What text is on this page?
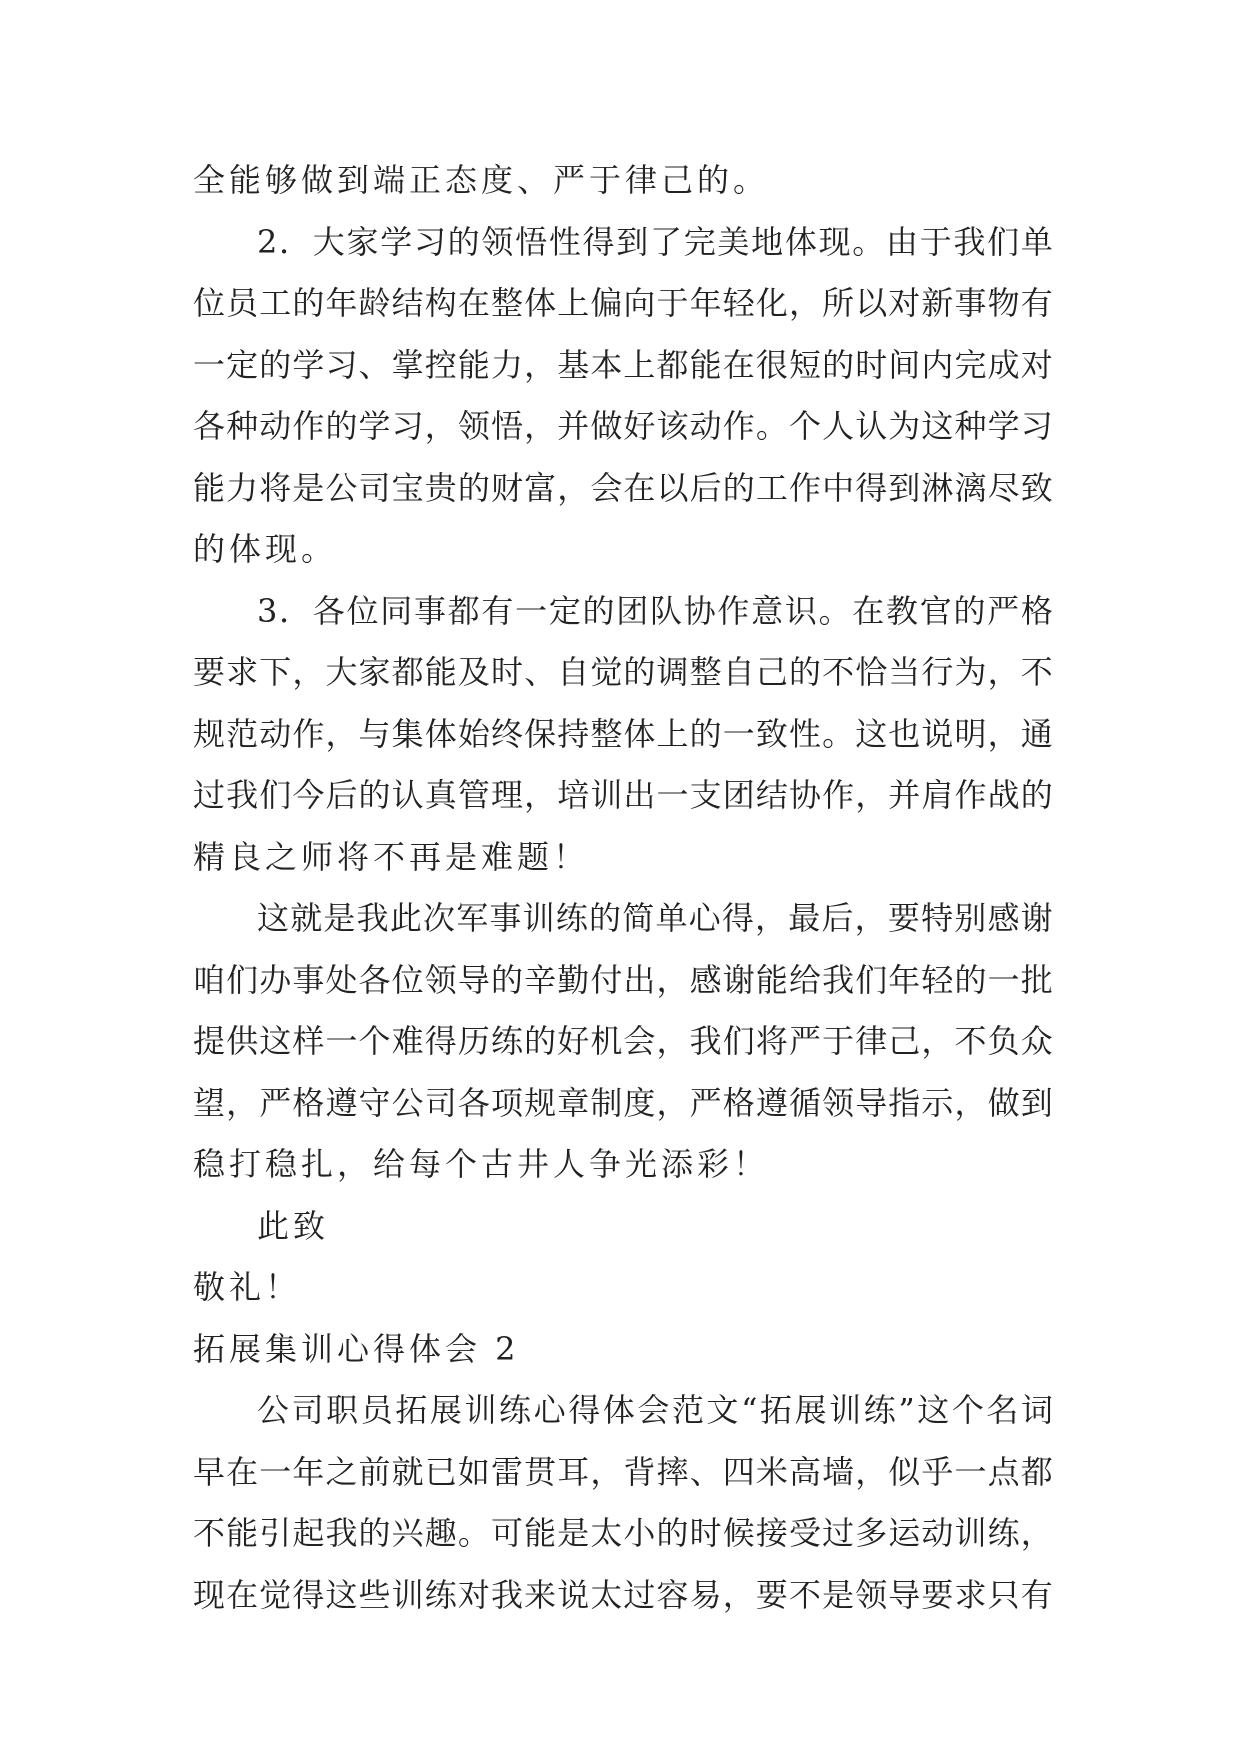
全能够做到端正态度、严于律己的。
2 ． 大 家 学 习 的 领 悟 性 得 到 了 完 美 地 体 现 。 由 于 我 们 单
位 员 工 的 年 龄 结 构 在 整 体 上 偏 向 于 年 轻 化 ， 所 以 对 新 事 物 有
一 定 的 学 习 、 掌 控 能 力 ， 基 本 上 都 能 在 很 短 的 时 间 内 完 成 对
各 种 动 作 的 学 习 ， 领 悟 ， 并 做 好 该 动 作 。 个 人 认 为 这 种 学 习
能 力 将 是 公 司 宝 贵 的 财 富 ， 会 在 以 后 的 工 作 中 得 到 淋 漓 尽 致
的体现。
3 ． 各 位 同 事 都 有 一 定 的 团 队 协 作 意 识 。 在 教 官 的 严 格
要 求 下 ， 大 家 都 能 及 时 、 自 觉 的 调 整 自 己 的 不 恰 当 行 为 ， 不
规 范 动 作 ， 与 集 体 始 终 保 持 整 体 上 的 一 致 性 。 这 也 说 明 ， 通
过 我 们 今 后 的 认 真 管 理 ， 培 训 出 一 支 团 结 协 作 ， 并 肩 作 战 的
精良之师将不再是难题！
这 就 是 我 此 次 军 事 训 练 的 简 单 心 得 ， 最 后 ， 要 特 别 感 谢
咱 们 办 事 处 各 位 领 导 的 辛 勤 付 出 ， 感 谢 能 给 我 们 年 轻 的 一 批
提 供 这 样 一 个 难 得 历 练 的 好 机 会 ， 我 们 将 严 于 律 己 ， 不 负 众
望 ， 严 格 遵 守 公 司 各 项 规 章 制 度 ， 严 格 遵 循 领 导 指 示 ， 做 到
稳打稳扎，给每个古井人争光添彩！
此致
敬礼！
拓展集训心得体会 2
公 司 职 员 拓 展 训 练 心 得 体 会 范 文 “ 拓 展 训 练 ” 这 个 名 词
早 在 一 年 之 前 就 已 如 雷 贯 耳 ， 背 摔 、 四 米 高 墙 ， 似 乎 一 点 都
不 能 引 起 我 的 兴 趣 。 可 能 是 太 小 的 时 候 接 受 过 多 运 动 训 练 ，
现 在 觉 得 这 些 训 练 对 我 来 说 太 过 容 易 ， 要 不 是 领 导 要 求 只 有
